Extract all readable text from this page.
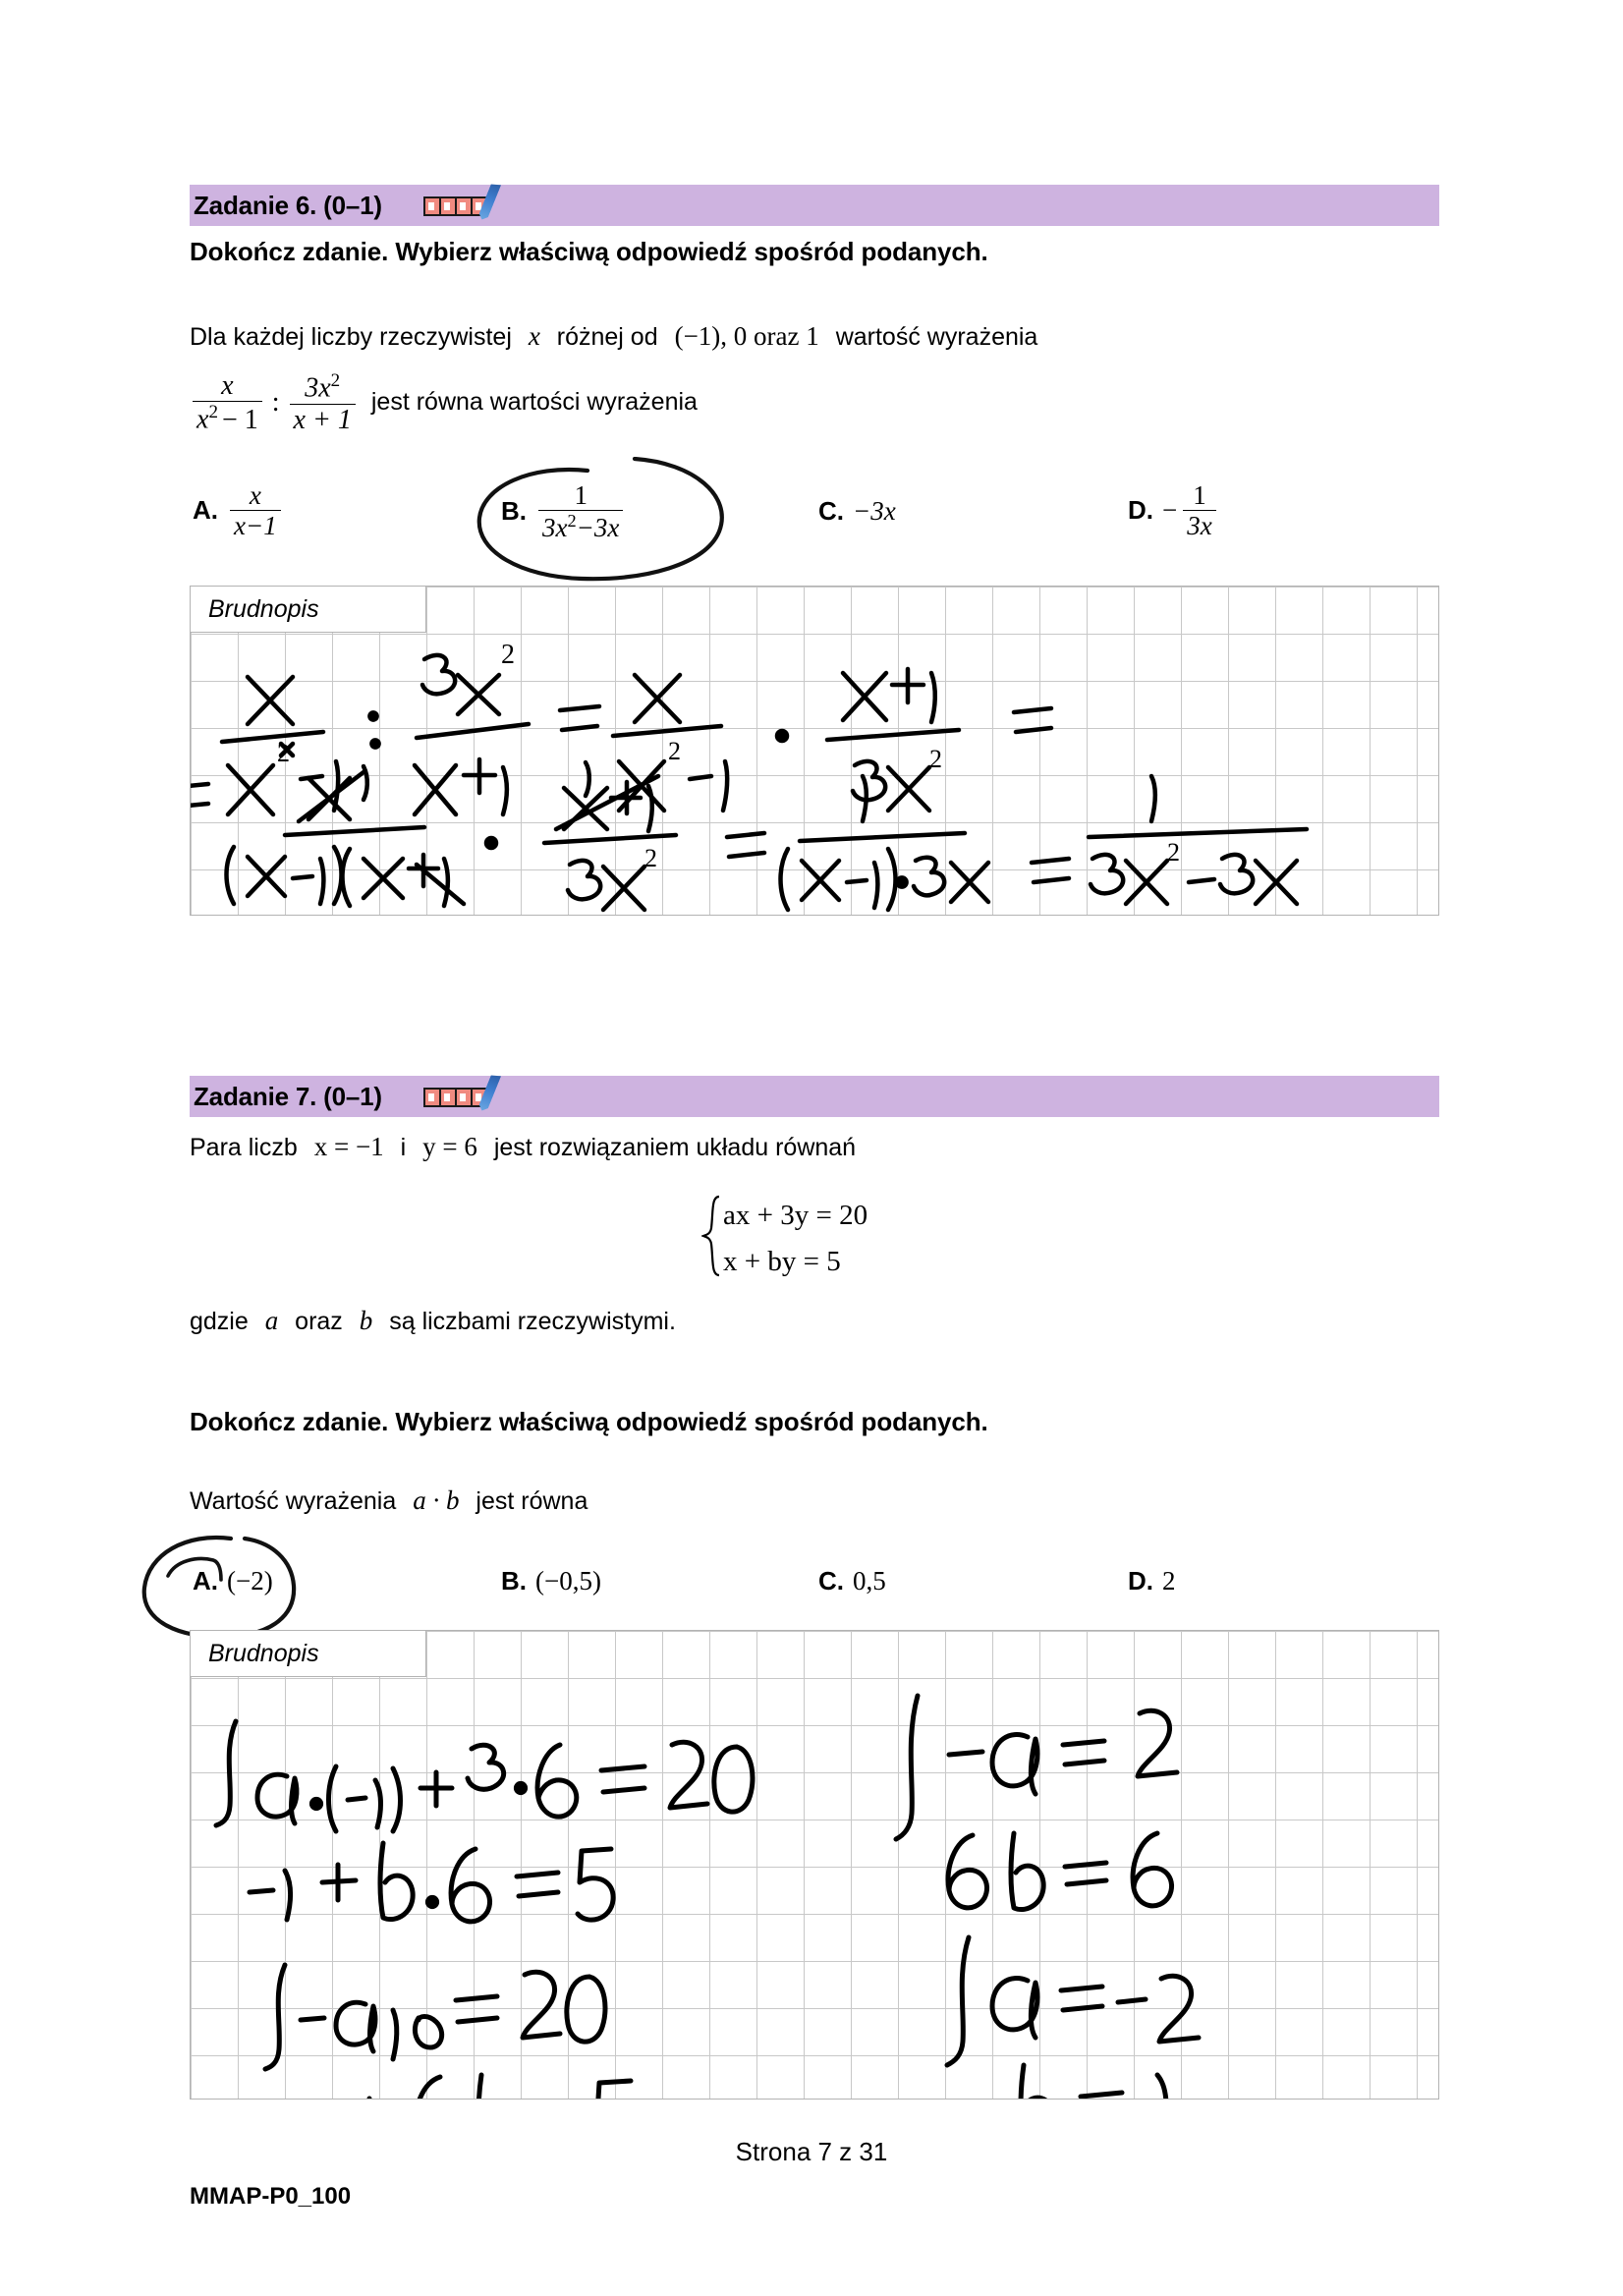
Zadanie 6. (0–1)
Dokończ zdanie. Wybierz właściwą odpowiedź spośród podanych.
Dla każdej liczby rzeczywistej x różnej od (−1), 0 oraz 1 wartość wyrażenia
$\frac{x}{x^2 - 1}$ : $\frac{3x^2}{x + 1}$ jest równa wartości wyrażenia
A. $\frac{x}{x-1}$	B. $\frac{1}{3x^2-3x}$	C. −3x	D. − $\frac{1}{3x}$
Brudnopis
2
2
2	2
2	2
Zadanie 7. (0–1)
Para liczb x = −1 i y = 6 jest rozwiązaniem układu równań
ax + 3y = 20
x + by = 5
gdzie a oraz b są liczbami rzeczywistymi.
Dokończ zdanie. Wybierz właściwą odpowiedź spośród podanych.
Wartość wyrażenia a · b jest równa
A. (−2)	B. (−0,5)	C. 0,5	D. 2
Brudnopis
Strona 7 z 31
MMAP-P0_100
